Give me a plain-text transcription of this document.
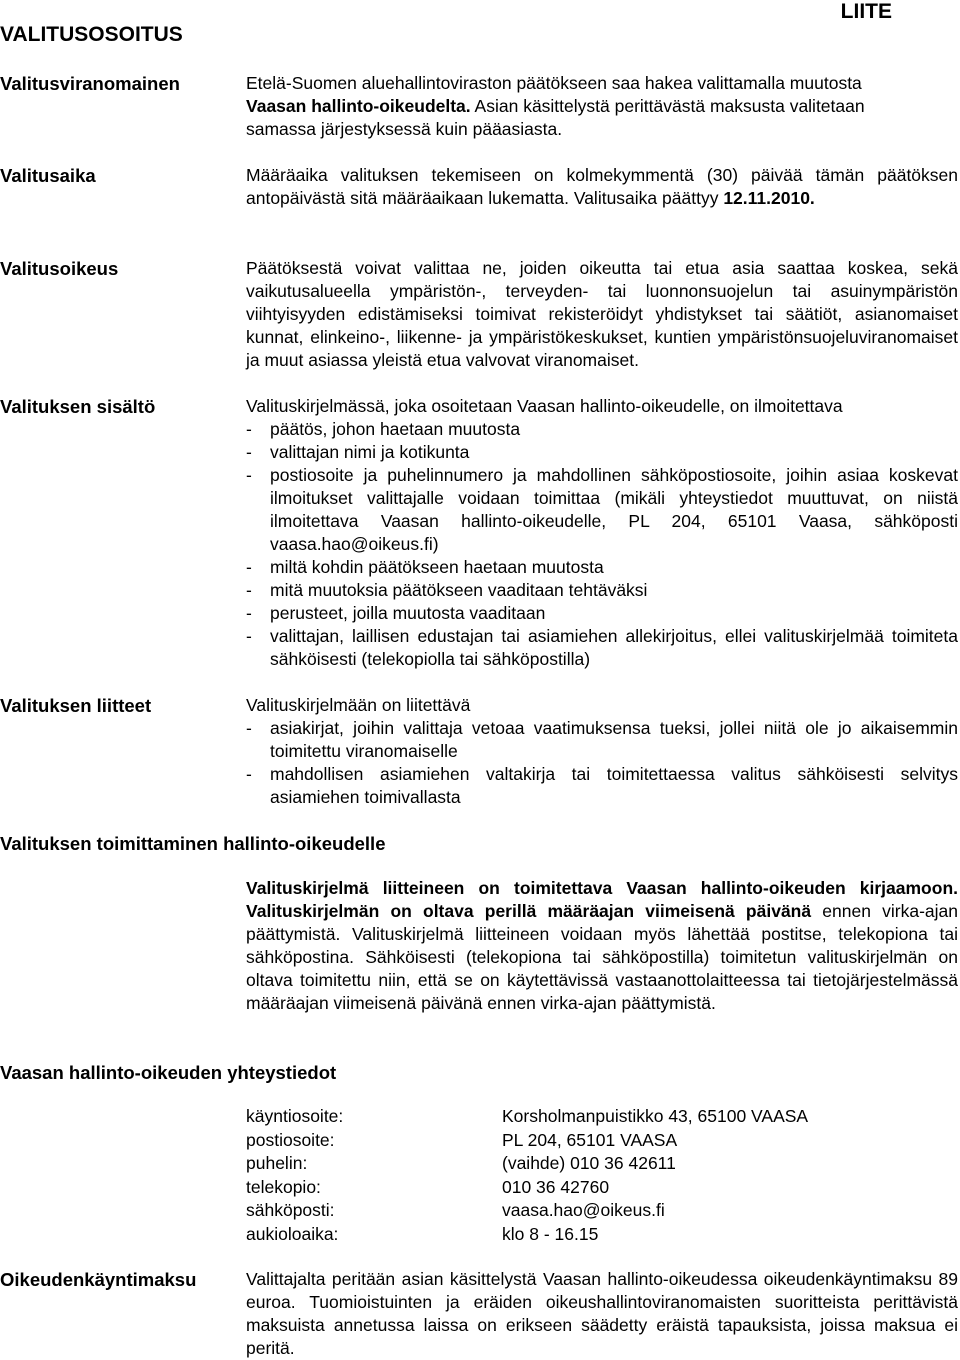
VALITUSOSOITUS
LIITE
Valitusviranomainen	Etelä-Suomen aluehallintoviraston päätökseen saa hakea valittamalla muutosta

Vaasan hallinto-oikeudelta. Asian käsittelystä perittävästä maksusta valitetaan

samassa järjestyksessä kuin pääasiasta.

Valitusaika	Määräaika valituksen tekemiseen on kolmekymmentä (30) päivää tämän päätöksen antopäivästä sitä määräaikaan lukematta. Valitusaika päättyy 12.11.2010.

Valitusoikeus	Päätöksestä voivat valittaa ne, joiden oikeutta tai etua asia saattaa koskea, sekä vaikutusalueella ympäristön-, terveyden- tai luonnonsuojelun tai asuinympäristön viihtyisyyden edistämiseksi toimivat rekisteröidyt yhdistykset tai säätiöt, asianomaiset kunnat, elinkeino-, liikenne- ja ympäristökeskukset, kuntien ympäristönsuojeluviranomaiset ja muut asiassa yleistä etua valvovat viranomaiset.

Valituksen sisältö	Valituskirjelmässä, joka osoitetaan Vaasan hallinto-oikeudelle, on ilmoitettava

- päätös, johon haetaan muutosta
- valittajan nimi ja kotikunta
- postiosoite ja puhelinnumero ja mahdollinen sähköpostiosoite, joihin asiaa koskevat ilmoitukset valittajalle voidaan toimittaa (mikäli yhteystiedot muuttuvat, on niistä ilmoitettava Vaasan hallinto-oikeudelle, PL 204, 65101 Vaasa, sähköposti vaasa.hao@oikeus.fi)
- miltä kohdin päätökseen haetaan muutosta
- mitä muutoksia päätökseen vaaditaan tehtäväksi
- perusteet, joilla muutosta vaaditaan
- valittajan, laillisen edustajan tai asiamiehen allekirjoitus, ellei valituskirjelmää toimiteta sähköisesti (telekopiolla tai sähköpostilla)
Valituksen liitteet	Valituskirjelmään on liitettävä

- asiakirjat, joihin valittaja vetoaa vaatimuksensa tueksi, jollei niitä ole jo aikaisemmin toimitettu viranomaiselle
- mahdollisen asiamiehen valtakirja tai toimitettaessa valitus sähköisesti selvitys asiamiehen toimivallasta
Valituksen toimittaminen hallinto-oikeudelle

Valituskirjelmä liitteineen on toimitettava Vaasan hallinto-oikeuden kirjaamoon. Valituskirjelmän on oltava perillä määräajan viimeisenä päivänä ennen virka-ajan päättymistä. Valituskirjelmä liitteineen voidaan myös lähettää postitse, telekopiona tai sähköpostina. Sähköisesti (telekopiona tai sähköpostilla) toimitetun valituskirjelmän on oltava toimitettu niin, että se on käytettävissä vastaanottolaitteessa tai tietojärjestelmässä määräajan viimeisenä päivänä ennen virka-ajan päättymistä.

Vaasan hallinto-oikeuden yhteystiedot
käyntiosoite:	Korsholmanpuistikko 43, 65100 VAASA
postiosoite:	PL 204, 65101 VAASA
puhelin:	(vaihde) 010 36 42611
telekopio:	010 36 42760
sähköposti:	vaasa.hao@oikeus.fi
aukioloaika:	klo 8 - 16.15
Oikeudenkäyntimaksu	Valittajalta peritään asian käsittelystä Vaasan hallinto-oikeudessa oikeudenkäyntimaksu 89 euroa. Tuomioistuinten ja eräiden oikeushallintoviranomaisten suoritteista perittävistä maksuista annetussa laissa on erikseen säädetty eräistä tapauksista, joissa maksua ei peritä.
